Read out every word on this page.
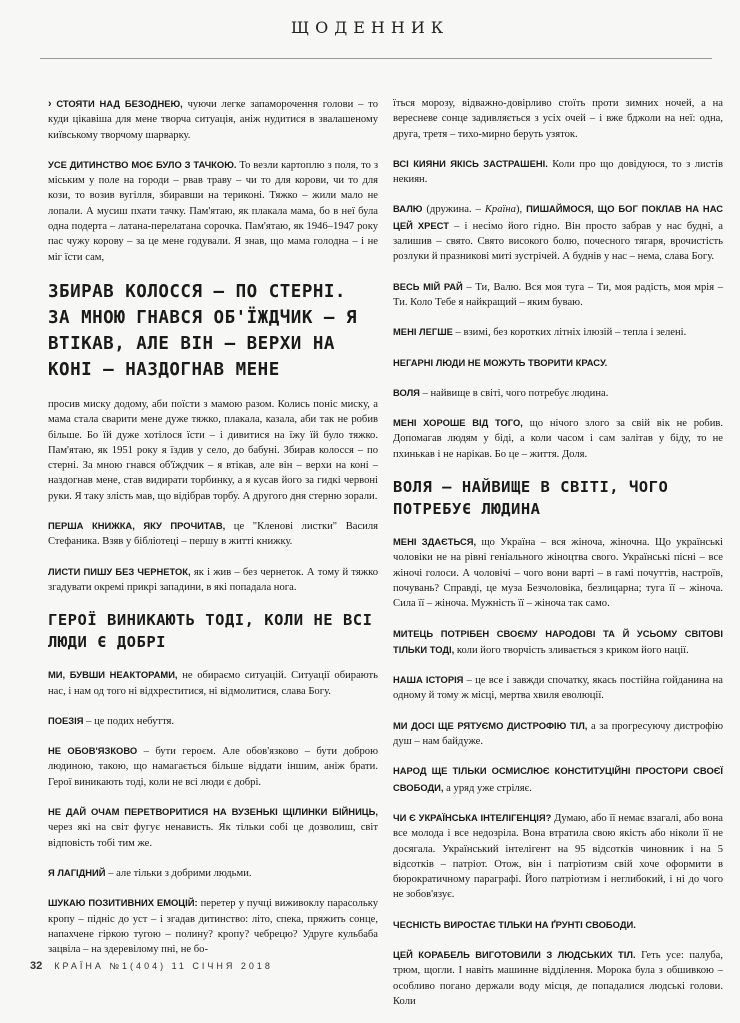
ЩОДЕННИК

› СТОЯТИ НАД БЕЗОДНЕЮ, чуючи легке запаморочення голови – то куди цікавіша для мене творча ситуація, аніж нудитися в звалашеному київському творчому шарварку.

УСЕ ДИТИНСТВО МОЄ БУЛО З ТАЧКОЮ. То везли картоплю з поля, то з міським у поле на городи – рвав траву – чи то для корови, чи то для кози, то возив вугілля, збиравши на териконі. Тяжко – жили мало не лопали. А мусиш пхати тачку. Пам'ятаю, як плакала мама, бо в неї була одна подерта – латана-перелатана сорочка. Пам'ятаю, як 1946–1947 року пас чужу корову – за це мене годували. Я знав, що мама голодна – і не міг їсти сам,

ЗБИРАВ КОЛОССЯ – ПО СТЕРНІ. ЗА МНОЮ ГНАВСЯ ОБ'ЇЖДЧИК – Я ВТІКАВ, АЛЕ ВІН – ВЕРХИ НА КОНІ – НАЗДОГНАВ МЕНЕ

просив миску додому, аби поїсти з мамою разом. Колись поніс миску, а мама стала сварити мене дуже тяжко, плакала, казала, аби так не робив більше. Бо їй дуже хотілося їсти – і дивитися на їжу їй було тяжко. Пам'ятаю, як 1951 року я їздив у село, до бабуні. Збирав колосся – по стерні. За мною гнався об'їждчик – я втікав, але він – верхи на коні – наздогнав мене, став видирати торбинку, а я кусав його за гидкі червоні руки. Я таку злість мав, що відібрав торбу. А другого дня стерню зорали.

ПЕРША КНИЖКА, ЯКУ ПРОЧИТАВ, це "Кленові листки" Василя Стефаника. Взяв у бібліотеці – першу в житті книжку.

ЛИСТИ ПИШУ БЕЗ ЧЕРНЕТОК, як і жив – без чернеток. А тому й тяжко згадувати окремі прикрі западини, в які попадала нога.

ГЕРОЇ ВИНИКАЮТЬ ТОДІ, КОЛИ НЕ ВСІ ЛЮДИ Є ДОБРІ

МИ, БУВШИ НЕАКТОРАМИ, не обираємо ситуацій. Ситуації обирають нас, і нам од того ні відхреститися, ні відмолитися, слава Богу.

ПОЕЗІЯ – це подих небуття.

НЕ ОБОВ'ЯЗКОВО – бути героєм. Але обов'язково – бути доброю людиною, такою, що намагається більше віддати іншим, аніж брати. Герої виникають тоді, коли не всі люди є добрі.

НЕ ДАЙ ОЧАМ ПЕРЕТВОРИТИСЯ НА ВУЗЕНЬКІ ЩІЛИНКИ БІЙНИЦЬ, через які на світ фугує ненависть. Як тільки собі це дозволиш, світ відповість тобі тим же.

Я ЛАГІДНИЙ – але тільки з добрими людьми.

ШУКАЮ ПОЗИТИВНИХ ЕМОЦІЙ: перетер у пучці виживоклу парасольку кропу – підніс до уст – і згадав дитинство: літо, спека, пряжить сонце, напахчене гіркою тугою – полину? кропу? чебрецю? Удруге кульбаба зацвіла – на здеревілому пні, не бо-

їться морозу, відважно-довірливо стоїть проти зимних ночей, а на вересневе сонце задивляється з усіх очей – і вже бджоли на неї: одна, друга, третя – тихо-мирно беруть узяток.

ВСІ КИЯНИ ЯКІСЬ ЗАСТРАШЕНІ. Коли про що довідуюся, то з листів некиян.

ВАЛЮ (дружина. – Країна), ПИШАЙМОСЯ, ЩО БОГ ПОКЛАВ НА НАС ЦЕЙ ХРЕСТ – і несімо його гідно. Він просто забрав у нас будні, а залишив – свято. Свято високого болю, почесного тягаря, врочистість розлуки й празникові миті зустрічей. А буднів у нас – нема, слава Богу.

ВЕСЬ МІЙ РАЙ – Ти, Валю. Вся моя туга – Ти, моя радість, моя мрія – Ти. Коло Тебе я найкращий – яким буваю.

МЕНІ ЛЕГШЕ – взимі, без коротких літніх ілюзій – тепла і зелені.

НЕГАРНІ ЛЮДИ НЕ МОЖУТЬ ТВОРИТИ КРАСУ.

ВОЛЯ – найвище в світі, чого потребує людина.

МЕНІ ХОРОШЕ ВІД ТОГО, що нічого злого за свій вік не робив. Допомагав людям у біді, а коли часом і сам залітав у біду, то не пхинькав і не нарікав. Бо це – життя. Доля.

ВОЛЯ – НАЙВИЩЕ В СВІТІ, ЧОГО ПОТРЕБУЄ ЛЮДИНА

МЕНІ ЗДАЄТЬСЯ, що Україна – вся жіноча, жіночна. Що українські чоловіки не на рівні геніального жіноцтва свого. Українські пісні – все жіночі голоси. А чоловічі – чого вони варті – в гамі почуттів, настроїв, почувань? Справді, це муза Безчоловіка, безлицарна; туга її – жіноча. Сила її – жіноча. Мужність її – жіноча так само.

МИТЕЦЬ ПОТРІБЕН СВОЄМУ НАРОДОВІ ТА Й УСЬОМУ СВІТОВІ ТІЛЬКИ ТОДІ, коли його творчість зливається з криком його нації.

НАША ІСТОРІЯ – це все і завжди спочатку, якась постійна гойданина на одному й тому ж місці, мертва хвиля еволюції.

МИ ДОСІ ЩЕ РЯТУЄМО ДИСТРОФІЮ ТІЛ, а за прогресуючу дистрофію душ – нам байдуже.

НАРОД ЩЕ ТІЛЬКИ ОСМИСЛЮЄ КОНСТИТУЦІЙНІ ПРОСТОРИ СВОЄЇ СВОБОДИ, а уряд уже стріляє.

ЧИ Є УКРАЇНСЬКА ІНТЕЛІГЕНЦІЯ? Думаю, або її немає взагалі, або вона все молода і все недозріла. Вона втратила свою якість або ніколи її не досягала. Український інтелігент на 95 відсотків чиновник і на 5 відсотків – патріот. Отож, він і патріотизм свій хоче оформити в бюрократичному параграфі. Його патріотизм і неглибокий, і ні до чого не зобов'язує.

ЧЕСНІСТЬ ВИРОСТАЄ ТІЛЬКИ НА ҐРУНТІ СВОБОДИ.

ЦЕЙ КОРАБЕЛЬ ВИГОТОВИЛИ З ЛЮДСЬКИХ ТІЛ. Геть усе: палуба, трюм, щогли. І навіть машинне відділення. Морока була з обшивкою – особливо погано держали воду місця, де попадалися людські голови. Коли

32 КРАЇНА №1(404) 11 СІЧНЯ 2018
